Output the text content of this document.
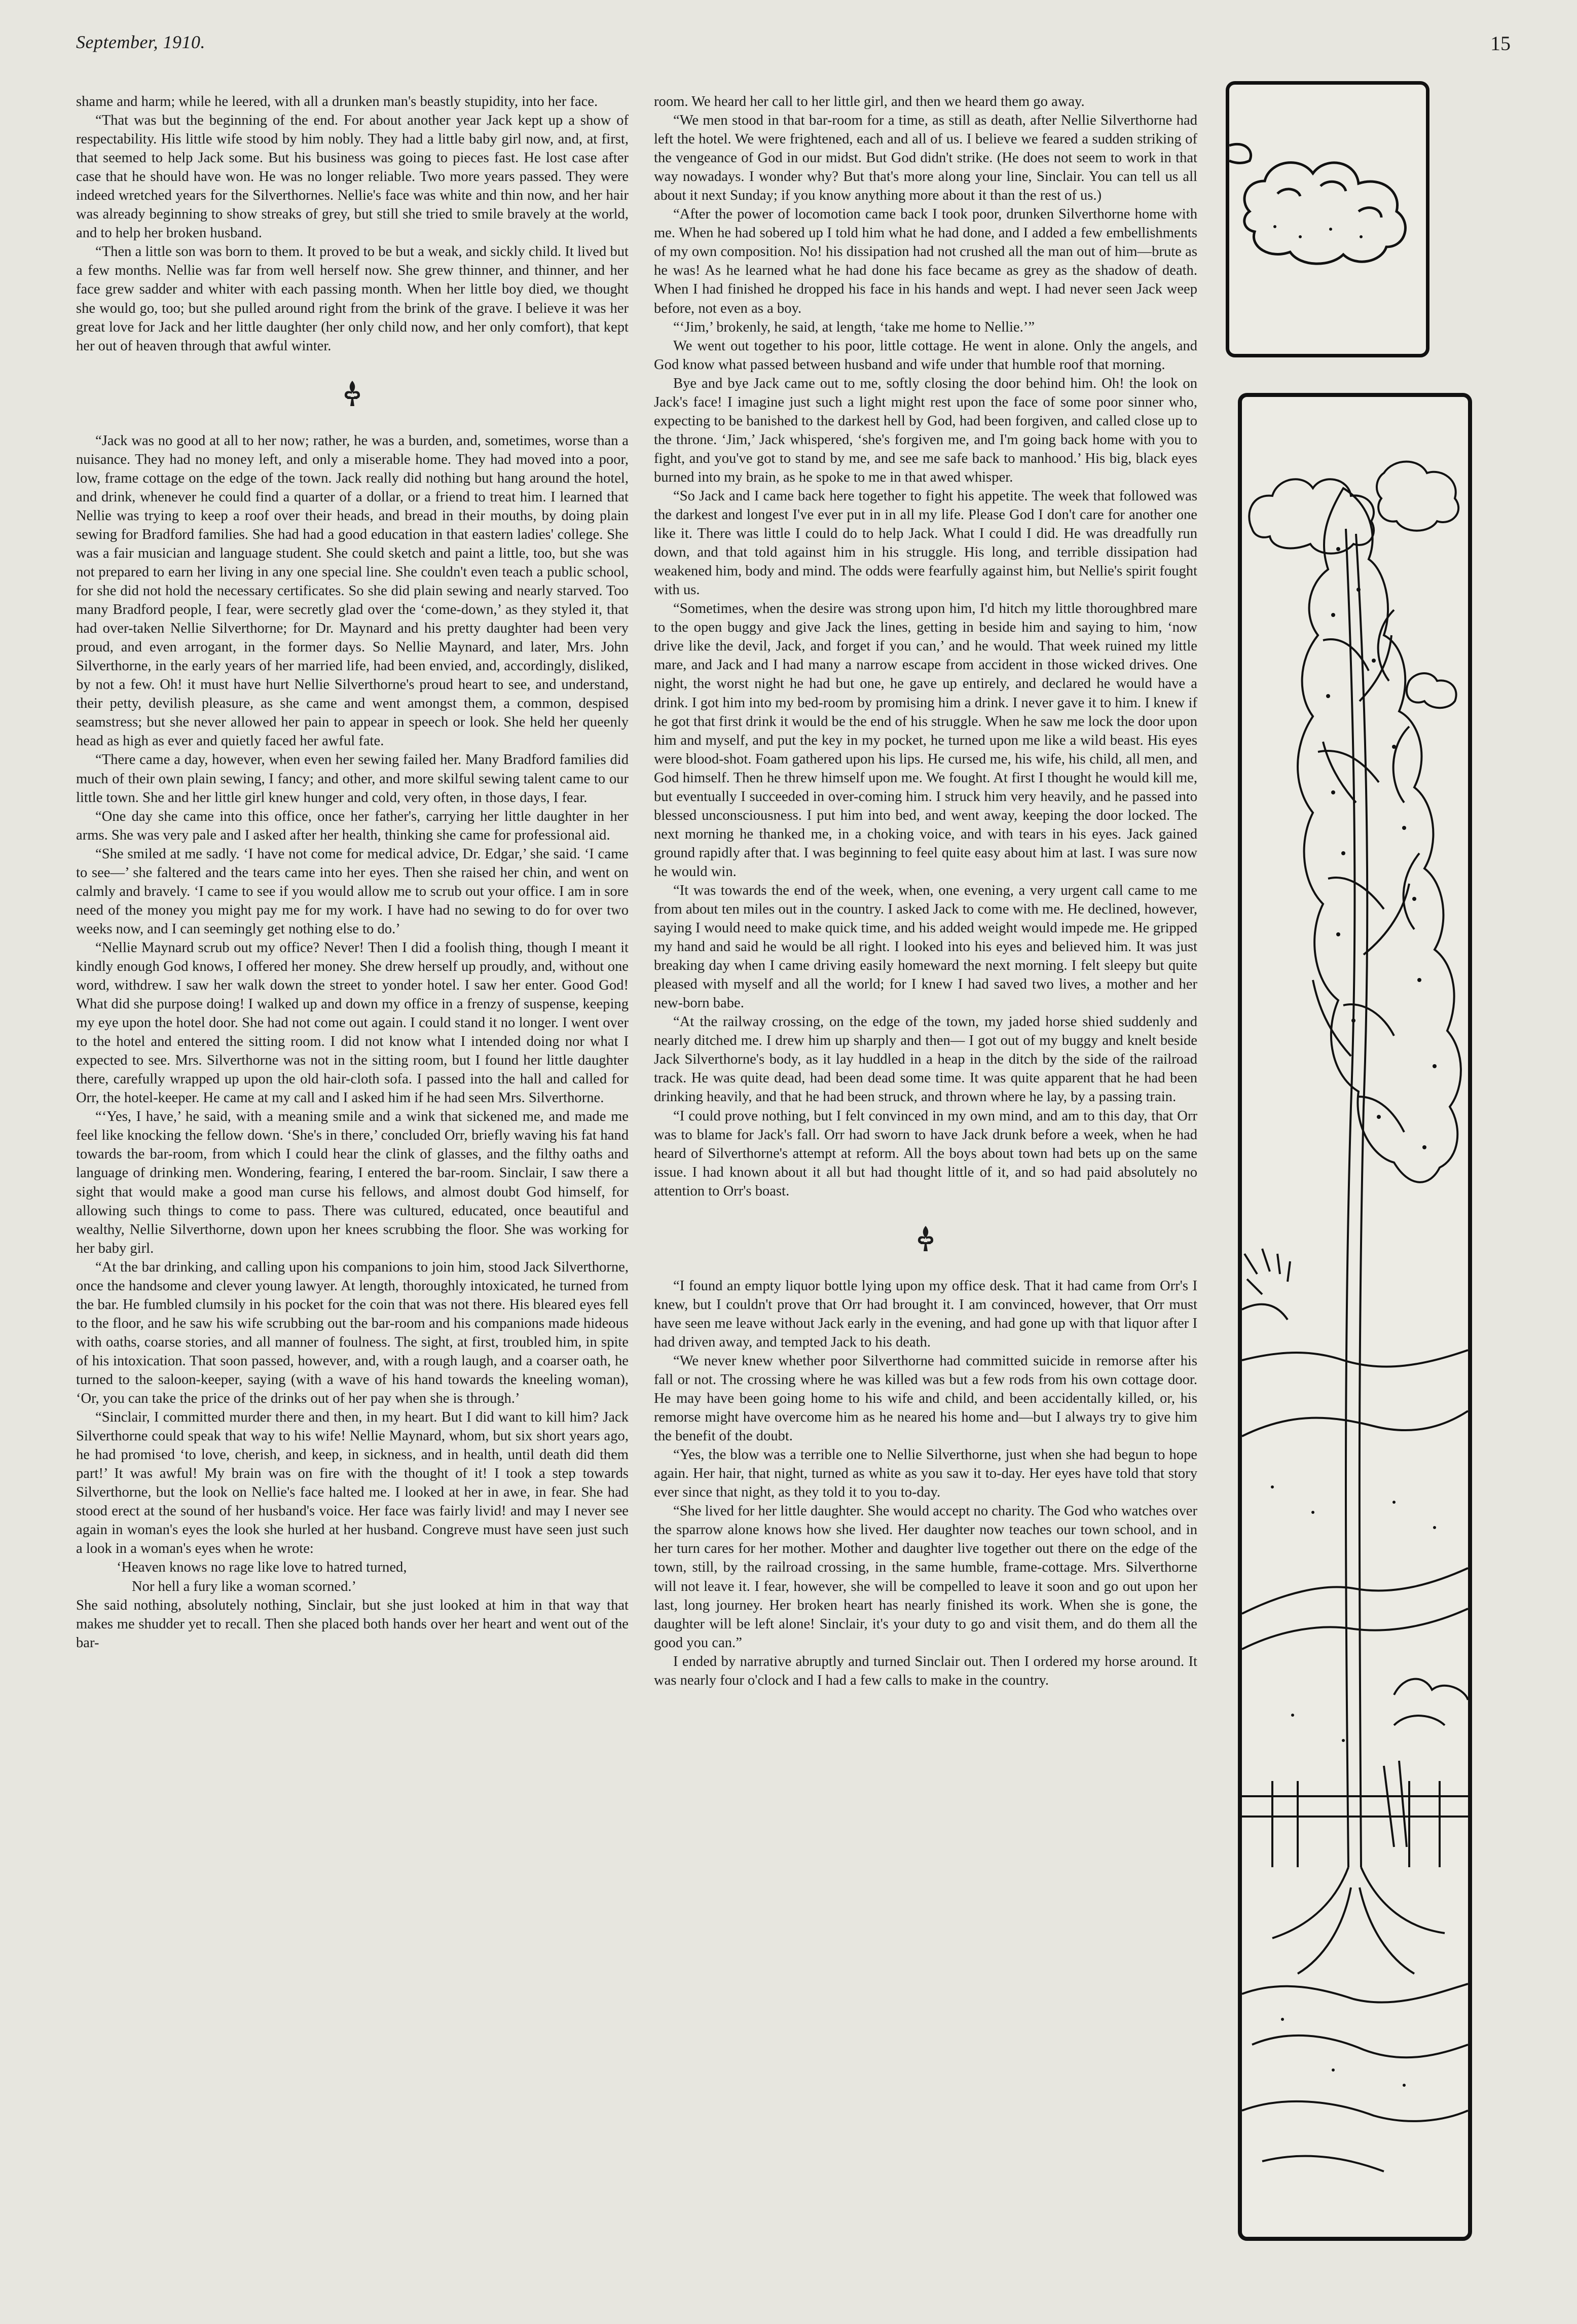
September, 1910.	15

shame and harm; while he leered, with all a drunken man's beastly stupidity, into her face.

“That was but the beginning of the end. For about another year Jack kept up a show of respectability. His little wife stood by him nobly. They had a little baby girl now, and, at first, that seemed to help Jack some. But his business was going to pieces fast. He lost case after case that he should have won. He was no longer reliable. Two more years passed. They were indeed wretched years for the Silverthornes. Nellie's face was white and thin now, and her hair was already beginning to show streaks of grey, but still she tried to smile bravely at the world, and to help her broken husband.

“Then a little son was born to them. It proved to be but a weak, and sickly child. It lived but a few months. Nellie was far from well herself now. She grew thinner, and thinner, and her face grew sadder and whiter with each passing month. When her little boy died, we thought she would go, too; but she pulled around right from the brink of the grave. I believe it was her great love for Jack and her little daughter (her only child now, and her only comfort), that kept her out of heaven through that awful winter.

“Jack was no good at all to her now; rather, he was a burden, and, sometimes, worse than a nuisance. They had no money left, and only a miserable home. They had moved into a poor, low, frame cottage on the edge of the town. Jack really did nothing but hang around the hotel, and drink, whenever he could find a quarter of a dollar, or a friend to treat him. I learned that Nellie was trying to keep a roof over their heads, and bread in their mouths, by doing plain sewing for Bradford families. She had had a good education in that eastern ladies' college. She was a fair musician and language student. She could sketch and paint a little, too, but she was not prepared to earn her living in any one special line. She couldn't even teach a public school, for she did not hold the necessary certificates. So she did plain sewing and nearly starved. Too many Bradford people, I fear, were secretly glad over the ‘come-down,’ as they styled it, that had over-taken Nellie Silverthorne; for Dr. Maynard and his pretty daughter had been very proud, and even arrogant, in the former days. So Nellie Maynard, and later, Mrs. John Silverthorne, in the early years of her married life, had been envied, and, accordingly, disliked, by not a few. Oh! it must have hurt Nellie Silverthorne's proud heart to see, and understand, their petty, devilish pleasure, as she came and went amongst them, a common, despised seamstress; but she never allowed her pain to appear in speech or look. She held her queenly head as high as ever and quietly faced her awful fate.

“There came a day, however, when even her sewing failed her. Many Bradford families did much of their own plain sewing, I fancy; and other, and more skilful sewing talent came to our little town. She and her little girl knew hunger and cold, very often, in those days, I fear.

“One day she came into this office, once her father's, carrying her little daughter in her arms. She was very pale and I asked after her health, thinking she came for professional aid.

“She smiled at me sadly. ‘I have not come for medical advice, Dr. Edgar,’ she said. ‘I came to see—’ she faltered and the tears came into her eyes. Then she raised her chin, and went on calmly and bravely. ‘I came to see if you would allow me to scrub out your office. I am in sore need of the money you might pay me for my work. I have had no sewing to do for over two weeks now, and I can seemingly get nothing else to do.’

“Nellie Maynard scrub out my office? Never! Then I did a foolish thing, though I meant it kindly enough God knows, I offered her money. She drew herself up proudly, and, without one word, withdrew. I saw her walk down the street to yonder hotel. I saw her enter. Good God! What did she purpose doing! I walked up and down my office in a frenzy of suspense, keeping my eye upon the hotel door. She had not come out again. I could stand it no longer. I went over to the hotel and entered the sitting room. I did not know what I intended doing nor what I expected to see. Mrs. Silverthorne was not in the sitting room, but I found her little daughter there, carefully wrapped up upon the old hair-cloth sofa. I passed into the hall and called for Orr, the hotel-keeper. He came at my call and I asked him if he had seen Mrs. Silverthorne.

“‘Yes, I have,’ he said, with a meaning smile and a wink that sickened me, and made me feel like knocking the fellow down. ‘She's in there,’ concluded Orr, briefly waving his fat hand towards the bar-room, from which I could hear the clink of glasses, and the filthy oaths and language of drinking men. Wondering, fearing, I entered the bar-room. Sinclair, I saw there a sight that would make a good man curse his fellows, and almost doubt God himself, for allowing such things to come to pass. There was cultured, educated, once beautiful and wealthy, Nellie Silverthorne, down upon her knees scrubbing the floor. She was working for her baby girl.

“At the bar drinking, and calling upon his companions to join him, stood Jack Silverthorne, once the handsome and clever young lawyer. At length, thoroughly intoxicated, he turned from the bar. He fumbled clumsily in his pocket for the coin that was not there. His bleared eyes fell to the floor, and he saw his wife scrubbing out the bar-room and his companions made hideous with oaths, coarse stories, and all manner of foulness. The sight, at first, troubled him, in spite of his intoxication. That soon passed, however, and, with a rough laugh, and a coarser oath, he turned to the saloon-keeper, saying (with a wave of his hand towards the kneeling woman), ‘Or, you can take the price of the drinks out of her pay when she is through.’

“Sinclair, I committed murder there and then, in my heart. But I did want to kill him? Jack Silverthorne could speak that way to his wife! Nellie Maynard, whom, but six short years ago, he had promised ‘to love, cherish, and keep, in sickness, and in health, until death did them part!’ It was awful! My brain was on fire with the thought of it! I took a step towards Silverthorne, but the look on Nellie's face halted me. I looked at her in awe, in fear. She had stood erect at the sound of her husband's voice. Her face was fairly livid! and may I never see again in woman's eyes the look she hurled at her husband. Congreve must have seen just such a look in a woman's eyes when he wrote:

‘Heaven knows no rage like love to hatred turned,

Nor hell a fury like a woman scorned.’

She said nothing, absolutely nothing, Sinclair, but she just looked at him in that way that makes me shudder yet to recall. Then she placed both hands over her heart and went out of the bar-

room. We heard her call to her little girl, and then we heard them go away.

“We men stood in that bar-room for a time, as still as death, after Nellie Silverthorne had left the hotel. We were frightened, each and all of us. I believe we feared a sudden striking of the vengeance of God in our midst. But God didn't strike. (He does not seem to work in that way nowadays. I wonder why? But that's more along your line, Sinclair. You can tell us all about it next Sunday; if you know anything more about it than the rest of us.)

“After the power of locomotion came back I took poor, drunken Silverthorne home with me. When he had sobered up I told him what he had done, and I added a few embellishments of my own composition. No! his dissipation had not crushed all the man out of him—brute as he was! As he learned what he had done his face became as grey as the shadow of death. When I had finished he dropped his face in his hands and wept. I had never seen Jack weep before, not even as a boy.

“‘Jim,’ brokenly, he said, at length, ‘take me home to Nellie.’”

We went out together to his poor, little cottage. He went in alone. Only the angels, and God know what passed between husband and wife under that humble roof that morning.

Bye and bye Jack came out to me, softly closing the door behind him. Oh! the look on Jack's face! I imagine just such a light might rest upon the face of some poor sinner who, expecting to be banished to the darkest hell by God, had been forgiven, and called close up to the throne. ‘Jim,’ Jack whispered, ‘she's forgiven me, and I'm going back home with you to fight, and you've got to stand by me, and see me safe back to manhood.’ His big, black eyes burned into my brain, as he spoke to me in that awed whisper.

“So Jack and I came back here together to fight his appetite. The week that followed was the darkest and longest I've ever put in in all my life. Please God I don't care for another one like it. There was little I could do to help Jack. What I could I did. He was dreadfully run down, and that told against him in his struggle. His long, and terrible dissipation had weakened him, body and mind. The odds were fearfully against him, but Nellie's spirit fought with us.

“Sometimes, when the desire was strong upon him, I'd hitch my little thoroughbred mare to the open buggy and give Jack the lines, getting in beside him and saying to him, ‘now drive like the devil, Jack, and forget if you can,’ and he would. That week ruined my little mare, and Jack and I had many a narrow escape from accident in those wicked drives. One night, the worst night he had but one, he gave up entirely, and declared he would have a drink. I got him into my bed-room by promising him a drink. I never gave it to him. I knew if he got that first drink it would be the end of his struggle. When he saw me lock the door upon him and myself, and put the key in my pocket, he turned upon me like a wild beast. His eyes were blood-shot. Foam gathered upon his lips. He cursed me, his wife, his child, all men, and God himself. Then he threw himself upon me. We fought. At first I thought he would kill me, but eventually I succeeded in over-coming him. I struck him very heavily, and he passed into blessed unconsciousness. I put him into bed, and went away, keeping the door locked. The next morning he thanked me, in a choking voice, and with tears in his eyes. Jack gained ground rapidly after that. I was beginning to feel quite easy about him at last. I was sure now he would win.

“It was towards the end of the week, when, one evening, a very urgent call came to me from about ten miles out in the country. I asked Jack to come with me. He declined, however, saying I would need to make quick time, and his added weight would impede me. He gripped my hand and said he would be all right. I looked into his eyes and believed him. It was just breaking day when I came driving easily homeward the next morning. I felt sleepy but quite pleased with myself and all the world; for I knew I had saved two lives, a mother and her new-born babe.

“At the railway crossing, on the edge of the town, my jaded horse shied suddenly and nearly ditched me. I drew him up sharply and then— I got out of my buggy and knelt beside Jack Silverthorne's body, as it lay huddled in a heap in the ditch by the side of the railroad track. He was quite dead, had been dead some time. It was quite apparent that he had been drinking heavily, and that he had been struck, and thrown where he lay, by a passing train.

“I could prove nothing, but I felt convinced in my own mind, and am to this day, that Orr was to blame for Jack's fall. Orr had sworn to have Jack drunk before a week, when he had heard of Silverthorne's attempt at reform. All the boys about town had bets up on the same issue. I had known about it all but had thought little of it, and so had paid absolutely no attention to Orr's boast.

“I found an empty liquor bottle lying upon my office desk. That it had came from Orr's I knew, but I couldn't prove that Orr had brought it. I am convinced, however, that Orr must have seen me leave without Jack early in the evening, and had gone up with that liquor after I had driven away, and tempted Jack to his death.

“We never knew whether poor Silverthorne had committed suicide in remorse after his fall or not. The crossing where he was killed was but a few rods from his own cottage door. He may have been going home to his wife and child, and been accidentally killed, or, his remorse might have overcome him as he neared his home and—but I always try to give him the benefit of the doubt.

“Yes, the blow was a terrible one to Nellie Silverthorne, just when she had begun to hope again. Her hair, that night, turned as white as you saw it to-day. Her eyes have told that story ever since that night, as they told it to you to-day.

“She lived for her little daughter. She would accept no charity. The God who watches over the sparrow alone knows how she lived. Her daughter now teaches our town school, and in her turn cares for her mother. Mother and daughter live together out there on the edge of the town, still, by the railroad crossing, in the same humble, frame-cottage. Mrs. Silverthorne will not leave it. I fear, however, she will be compelled to leave it soon and go out upon her last, long journey. Her broken heart has nearly finished its work. When she is gone, the daughter will be left alone! Sinclair, it's your duty to go and visit them, and do them all the good you can.”

I ended by narrative abruptly and turned Sinclair out. Then I ordered my horse around. It was nearly four o'clock and I had a few calls to make in the country.
